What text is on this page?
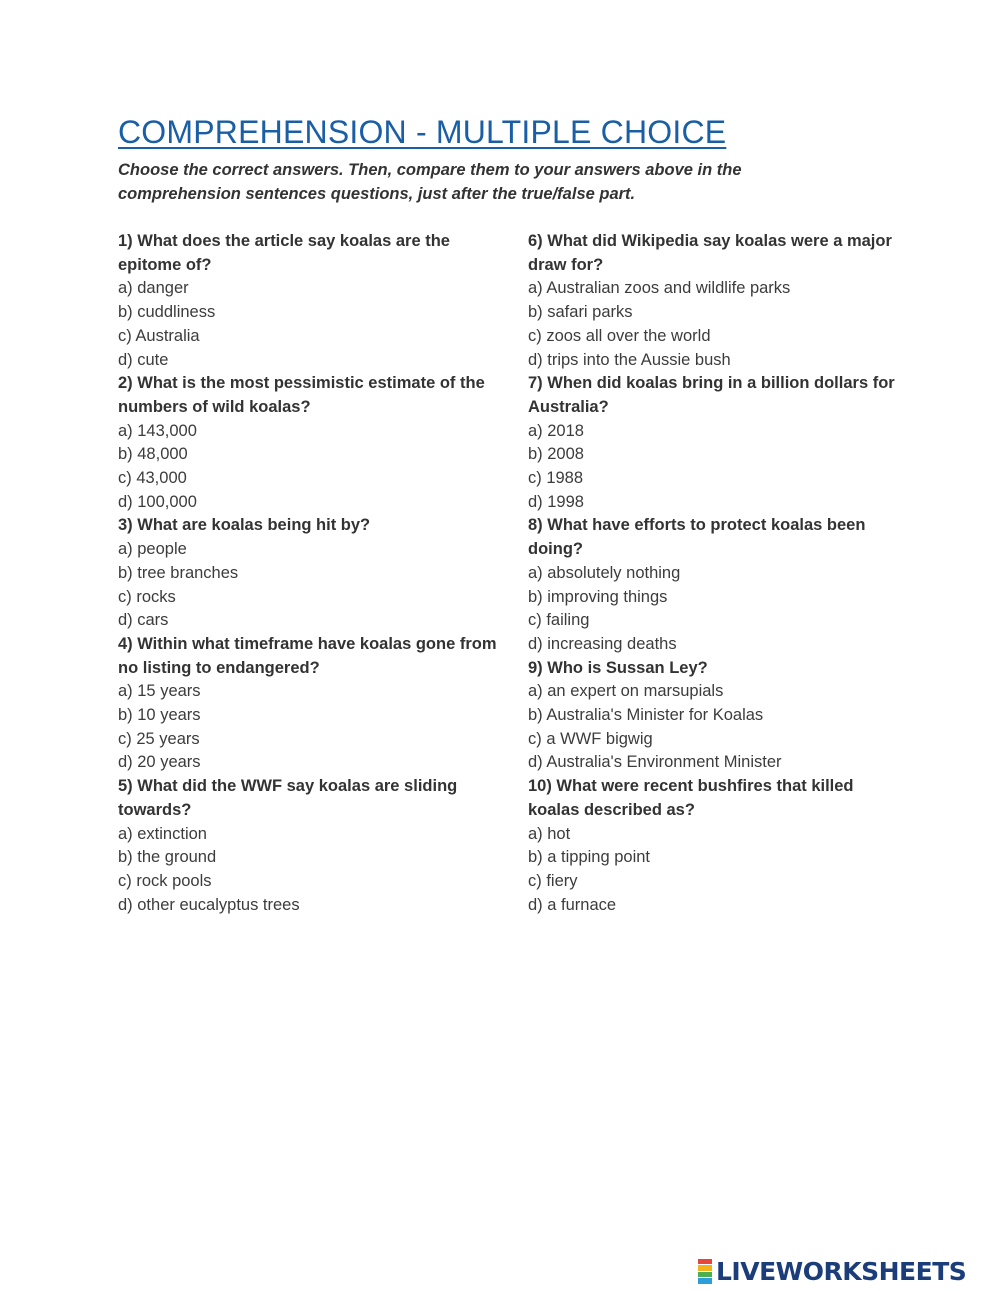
COMPREHENSION - MULTIPLE CHOICE

Choose the correct answers. Then, compare them to your answers above in the comprehension sentences questions, just after the true/false part.

1) What does the article say koalas are the epitome of?
a) danger
b) cuddliness
c) Australia
d) cute
2) What is the most pessimistic estimate of the numbers of wild koalas?
a) 143,000
b) 48,000
c) 43,000
d) 100,000
3) What are koalas being hit by?
a) people
b) tree branches
c) rocks
d) cars
4) Within what timeframe have koalas gone from no listing to endangered?
a) 15 years
b) 10 years
c) 25 years
d) 20 years
5) What did the WWF say koalas are sliding towards?
a) extinction
b) the ground
c) rock pools
d) other eucalyptus trees
6) What did Wikipedia say koalas were a major draw for?
a) Australian zoos and wildlife parks
b) safari parks
c) zoos all over the world
d) trips into the Aussie bush
7) When did koalas bring in a billion dollars for Australia?
a) 2018
b) 2008
c) 1988
d) 1998
8) What have efforts to protect koalas been doing?
a) absolutely nothing
b) improving things
c) failing
d) increasing deaths
9) Who is Sussan Ley?
a) an expert on marsupials
b) Australia's Minister for Koalas
c) a WWF bigwig
d) Australia's Environment Minister
10) What were recent bushfires that killed koalas described as?
a) hot
b) a tipping point
c) fiery
d) a furnace
LIVEWORKSHEETS
